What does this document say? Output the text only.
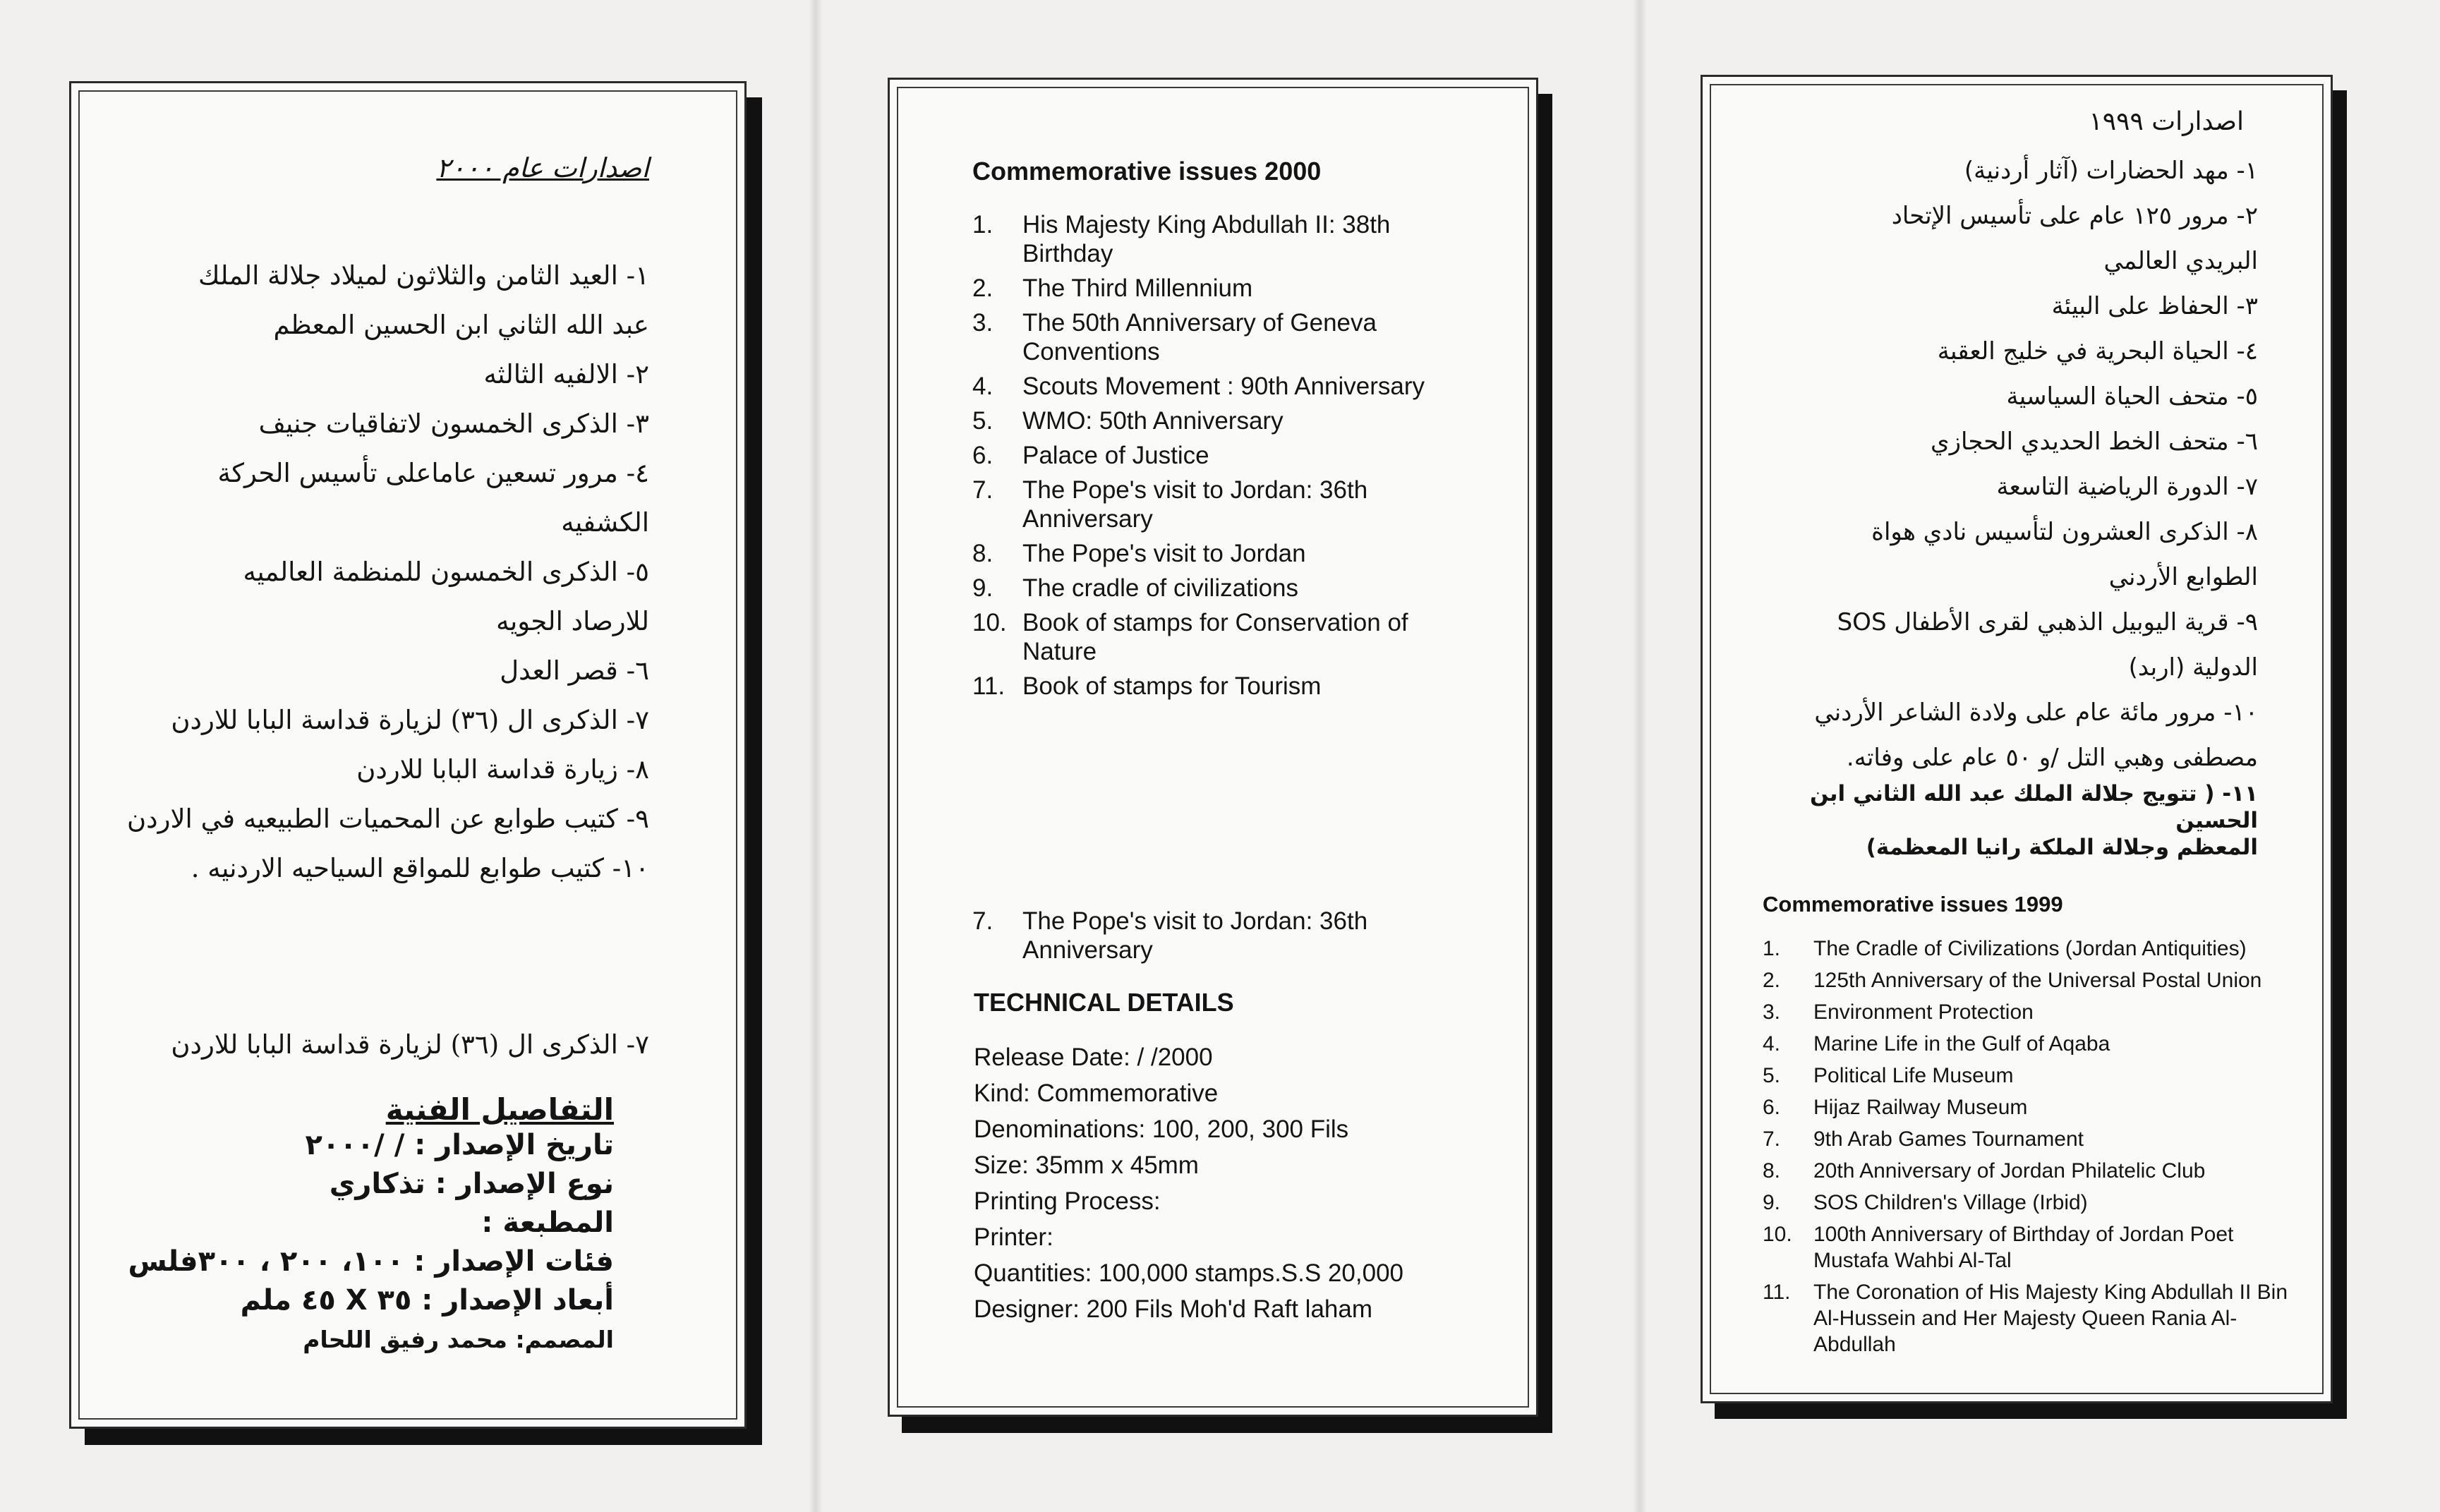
اصدارات عام ٢٠٠٠
١- العيد الثامن والثلاثون لميلاد جلالة الملك
عبد الله الثاني ابن الحسين المعظم
٢- الالفيه الثالثه
٣- الذكرى الخمسون لاتفاقيات جنيف
٤- مرور تسعين عاماعلى تأسيس الحركة
الكشفيه
٥- الذكرى الخمسون للمنظمة العالميه
للارصاد الجويه
٦- قصر العدل
٧- الذكرى ال (٣٦) لزيارة قداسة البابا للاردن
٨- زيارة قداسة البابا للاردن
٩- كتيب طوابع عن المحميات الطبيعيه في الاردن
١٠- كتيب طوابع للمواقع السياحيه الاردنيه .
٧- الذكرى ال (٣٦) لزيارة قداسة البابا للاردن
التفاصيل الفنية
تاريخ الإصدار : / /٢٠٠٠
نوع الإصدار : تذكاري
المطبعة :
فئات الإصدار : ١٠٠، ٢٠٠ ، ٣٠٠فلس
أبعاد الإصدار : ٣٥ X ٤٥ ملم
المصمم: محمد رفيق اللحام
Commemorative issues 2000
1.	His Majesty King Abdullah II: 38th Birthday
2.	The Third Millennium
3.	The 50th Anniversary of Geneva Conventions
4.	Scouts Movement : 90th Anniversary
5.	WMO: 50th Anniversary
6.	Palace of Justice
7.	The Pope's visit to Jordan: 36th Anniversary
8.	The Pope's visit to Jordan
9.	The cradle of civilizations
10. Book of stamps for Conservation of Nature
11. Book of stamps for Tourism
7.	The Pope's visit to Jordan: 36th Anniversary
TECHNICAL DETAILS
Release Date: / /2000
Kind: Commemorative
Denominations: 100, 200, 300 Fils
Size: 35mm x 45mm
Printing Process:
Printer:
Quantities: 100,000 stamps.S.S 20,000
Designer: 200 Fils Moh'd Raft laham
اصدارات ١٩٩٩
١- مهد الحضارات (آثار أردنية)
٢- مرور ١٢٥ عام على تأسيس الإتحاد
البريدي العالمي
٣- الحفاظ على البيئة
٤- الحياة البحرية في خليج العقبة
٥- متحف الحياة السياسية
٦- متحف الخط الحديدي الحجازي
٧- الدورة الرياضية التاسعة
٨- الذكرى العشرون لتأسيس نادي هواة
الطوابع الأردني
٩- قرية اليوبيل الذهبي لقرى الأطفال SOS
الدولية (اربد)
١٠- مرور مائة عام على ولادة الشاعر الأردني
مصطفى وهبي التل /و ٥٠ عام على وفاته.
١١- ( تتويج جلالة الملك عبد الله الثاني ابن الحسين
المعظم وجلالة الملكة رانيا المعظمة)
Commemorative issues 1999
1.	The Cradle of Civilizations (Jordan Antiquities)
2.	125th Anniversary of the Universal Postal Union
3.	Environment Protection
4.	Marine Life in the Gulf of Aqaba
5.	Political Life Museum
6.	Hijaz Railway Museum
7.	9th Arab Games Tournament
8.	20th Anniversary of Jordan Philatelic Club
9.	SOS Children's Village (Irbid)
10.	100th Anniversary of Birthday of Jordan Poet Mustafa Wahbi Al-Tal
11.	The Coronation of His Majesty King Abdullah II Bin Al-Hussein and Her Majesty Queen Rania Al-Abdullah
